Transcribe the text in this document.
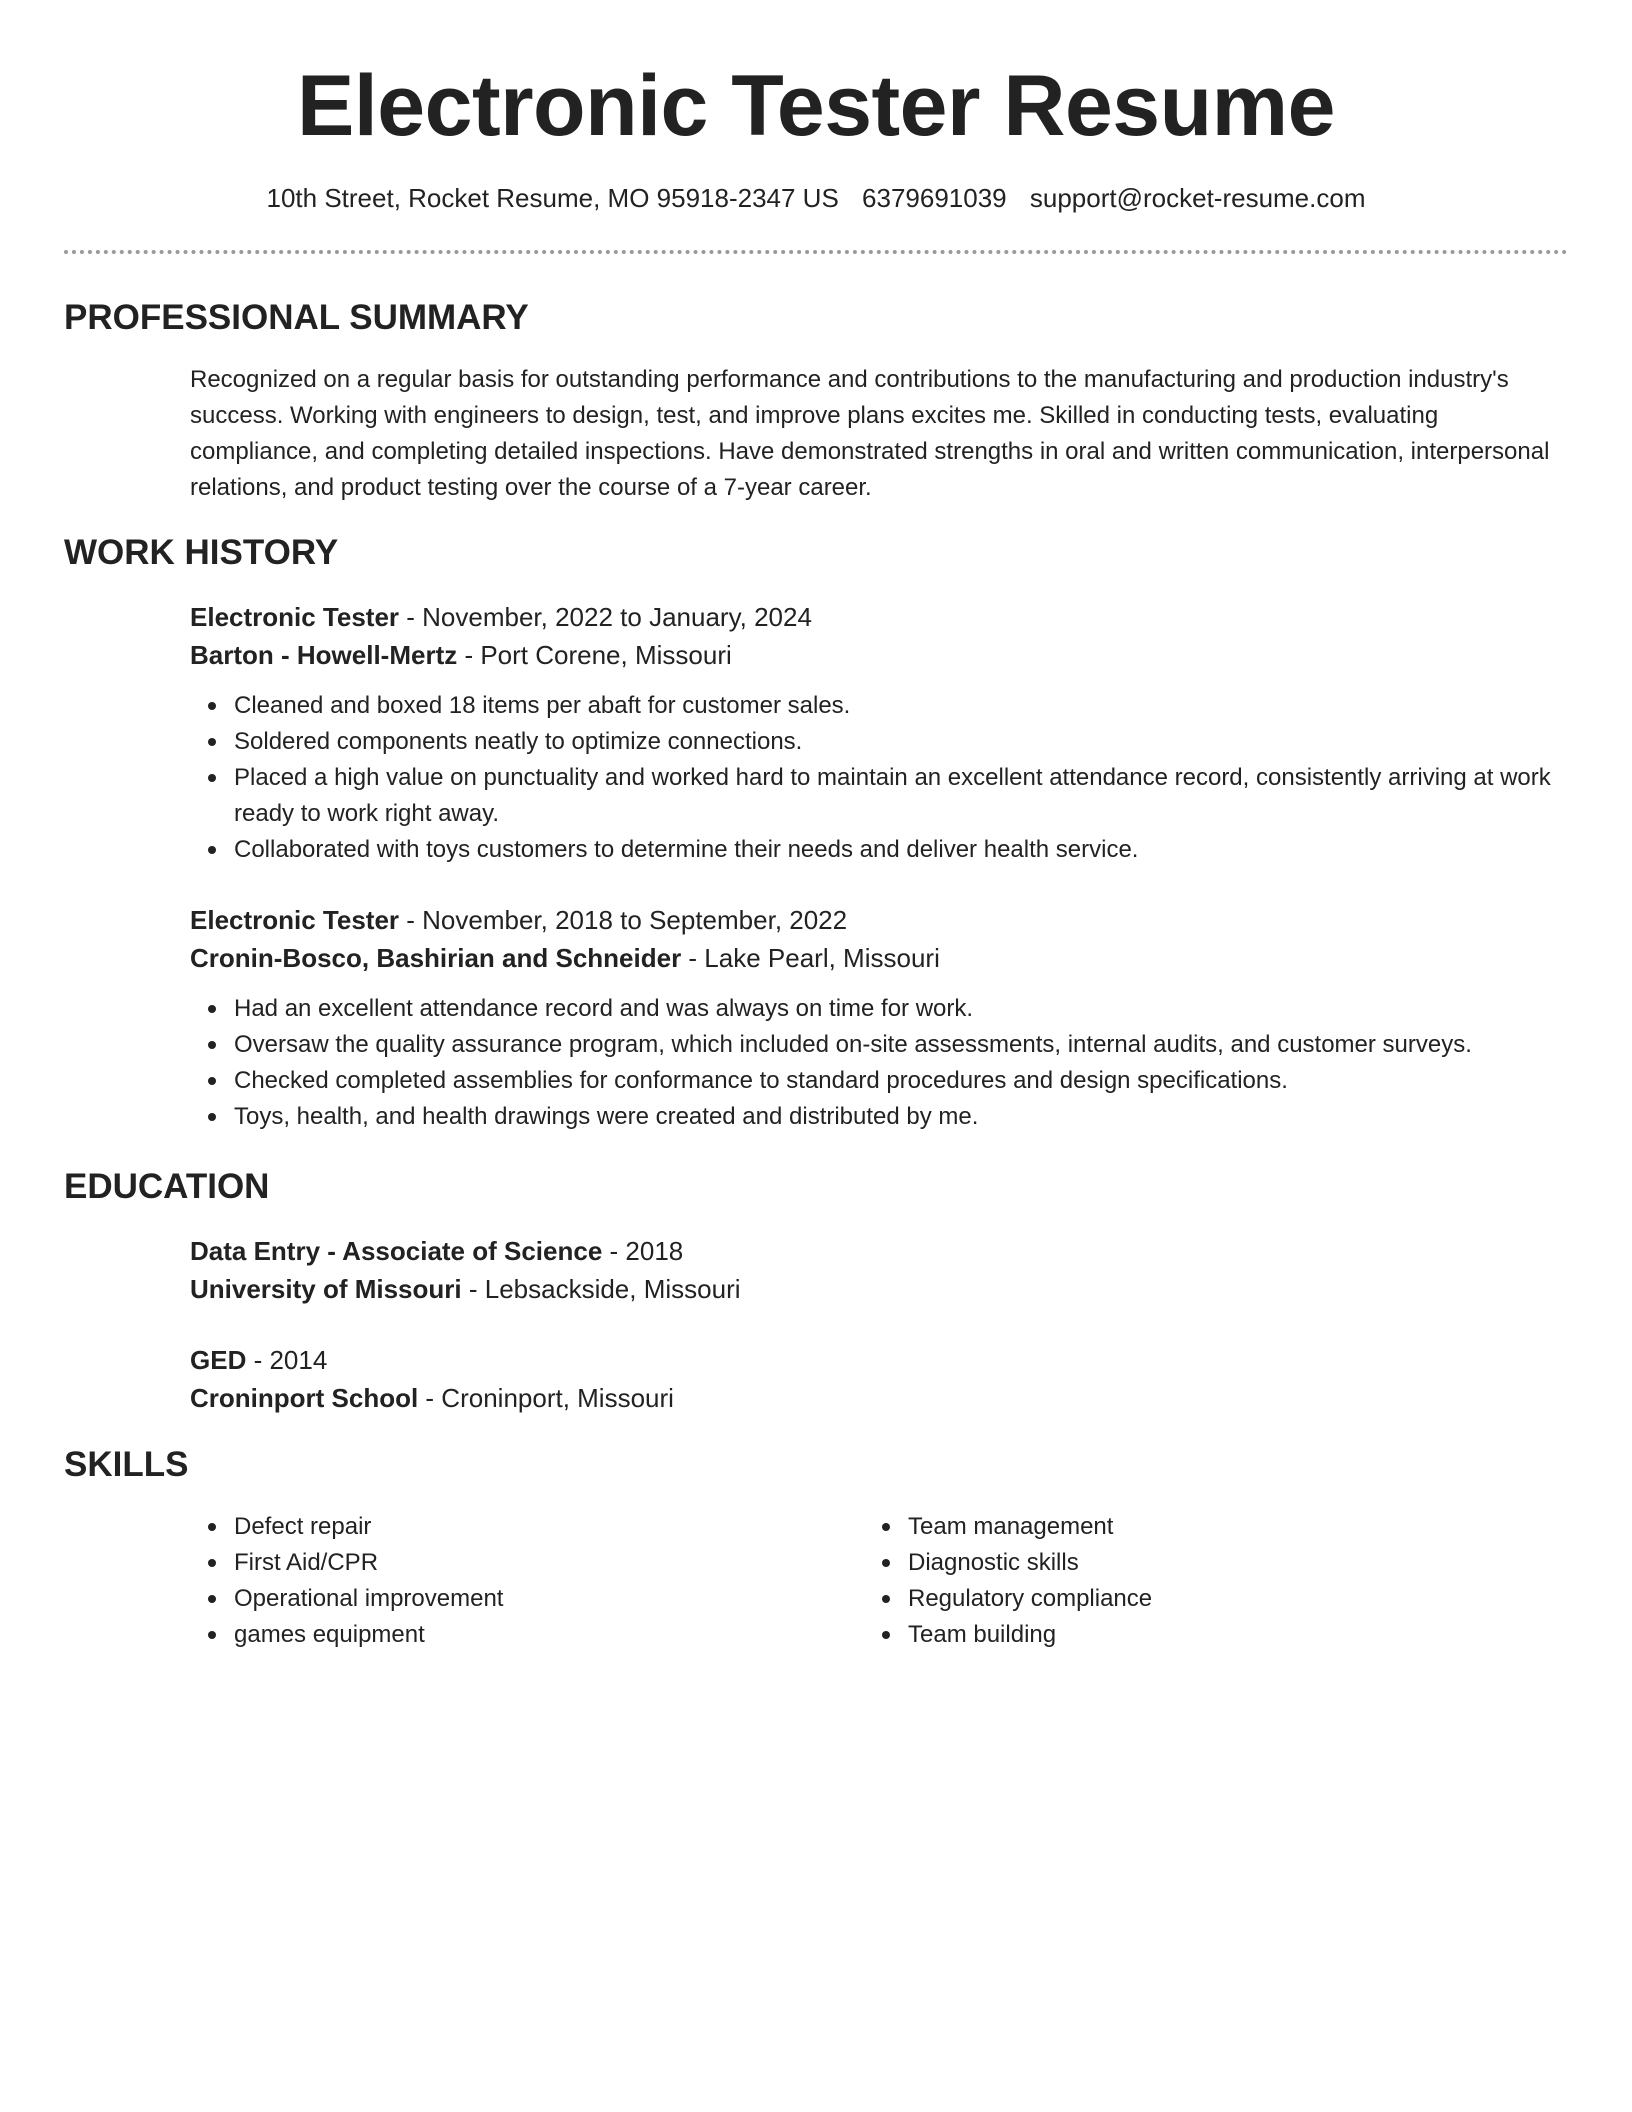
Electronic Tester Resume
10th Street, Rocket Resume, MO 95918-2347 US 6379691039 support@rocket-resume.com
PROFESSIONAL SUMMARY
Recognized on a regular basis for outstanding performance and contributions to the manufacturing and production industry's success. Working with engineers to design, test, and improve plans excites me. Skilled in conducting tests, evaluating compliance, and completing detailed inspections. Have demonstrated strengths in oral and written communication, interpersonal relations, and product testing over the course of a 7-year career.
WORK HISTORY
Electronic Tester - November, 2022 to January, 2024
Barton - Howell-Mertz - Port Corene, Missouri
Cleaned and boxed 18 items per abaft for customer sales.
Soldered components neatly to optimize connections.
Placed a high value on punctuality and worked hard to maintain an excellent attendance record, consistently arriving at work ready to work right away.
Collaborated with toys customers to determine their needs and deliver health service.
Electronic Tester - November, 2018 to September, 2022
Cronin-Bosco, Bashirian and Schneider - Lake Pearl, Missouri
Had an excellent attendance record and was always on time for work.
Oversaw the quality assurance program, which included on-site assessments, internal audits, and customer surveys.
Checked completed assemblies for conformance to standard procedures and design specifications.
Toys, health, and health drawings were created and distributed by me.
EDUCATION
Data Entry - Associate of Science - 2018
University of Missouri - Lebsackside, Missouri
GED - 2014
Croninport School - Croninport, Missouri
SKILLS
Defect repair
First Aid/CPR
Operational improvement
games equipment
Team management
Diagnostic skills
Regulatory compliance
Team building
